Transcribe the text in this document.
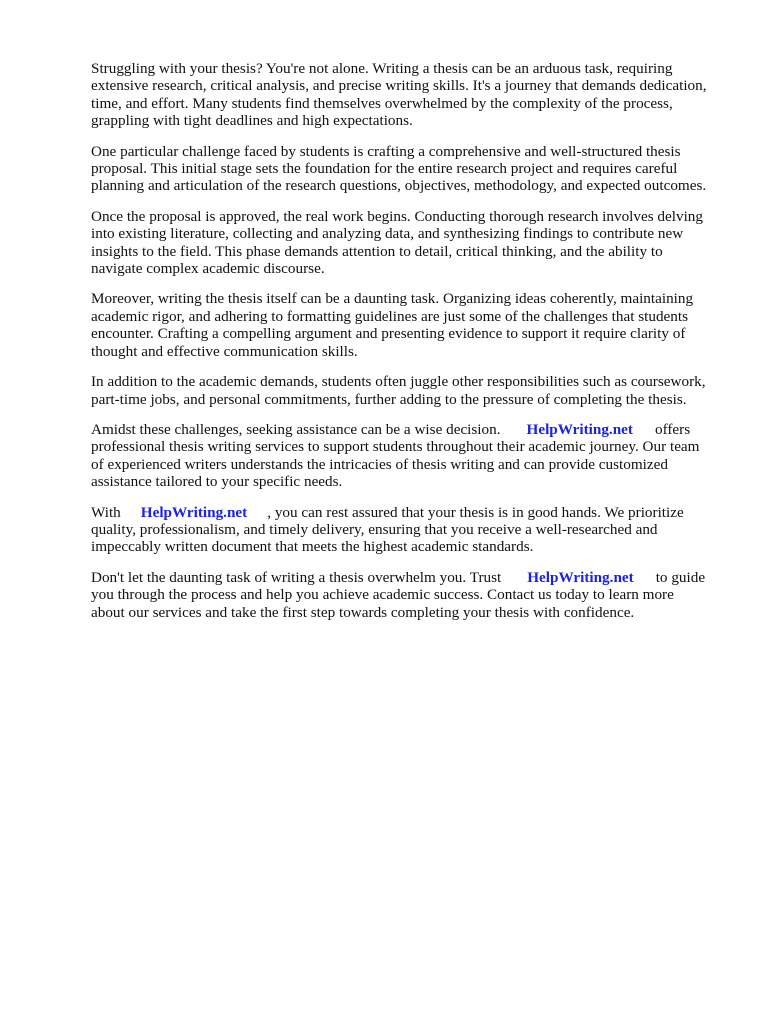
Struggling with your thesis? You're not alone. Writing a thesis can be an arduous task, requiring
extensive research, critical analysis, and precise writing skills. It's a journey that demands dedication,
time, and effort. Many students find themselves overwhelmed by the complexity of the process,
grappling with tight deadlines and high expectations.

One particular challenge faced by students is crafting a comprehensive and well-structured thesis
proposal. This initial stage sets the foundation for the entire research project and requires careful
planning and articulation of the research questions, objectives, methodology, and expected outcomes.

Once the proposal is approved, the real work begins. Conducting thorough research involves delving
into existing literature, collecting and analyzing data, and synthesizing findings to contribute new
insights to the field. This phase demands attention to detail, critical thinking, and the ability to
navigate complex academic discourse.

Moreover, writing the thesis itself can be a daunting task. Organizing ideas coherently, maintaining
academic rigor, and adhering to formatting guidelines are just some of the challenges that students
encounter. Crafting a compelling argument and presenting evidence to support it require clarity of
thought and effective communication skills.

In addition to the academic demands, students often juggle other responsibilities such as coursework,
part-time jobs, and personal commitments, further adding to the pressure of completing the thesis.

Amidst these challenges, seeking assistance can be a wise decision. HelpWriting.net offers
professional thesis writing services to support students throughout their academic journey. Our team
of experienced writers understands the intricacies of thesis writing and can provide customized
assistance tailored to your specific needs.

With HelpWriting.net , you can rest assured that your thesis is in good hands. We prioritize
quality, professionalism, and timely delivery, ensuring that you receive a well-researched and
impeccably written document that meets the highest academic standards.

Don't let the daunting task of writing a thesis overwhelm you. Trust HelpWriting.net to guide
you through the process and help you achieve academic success. Contact us today to learn more
about our services and take the first step towards completing your thesis with confidence.
